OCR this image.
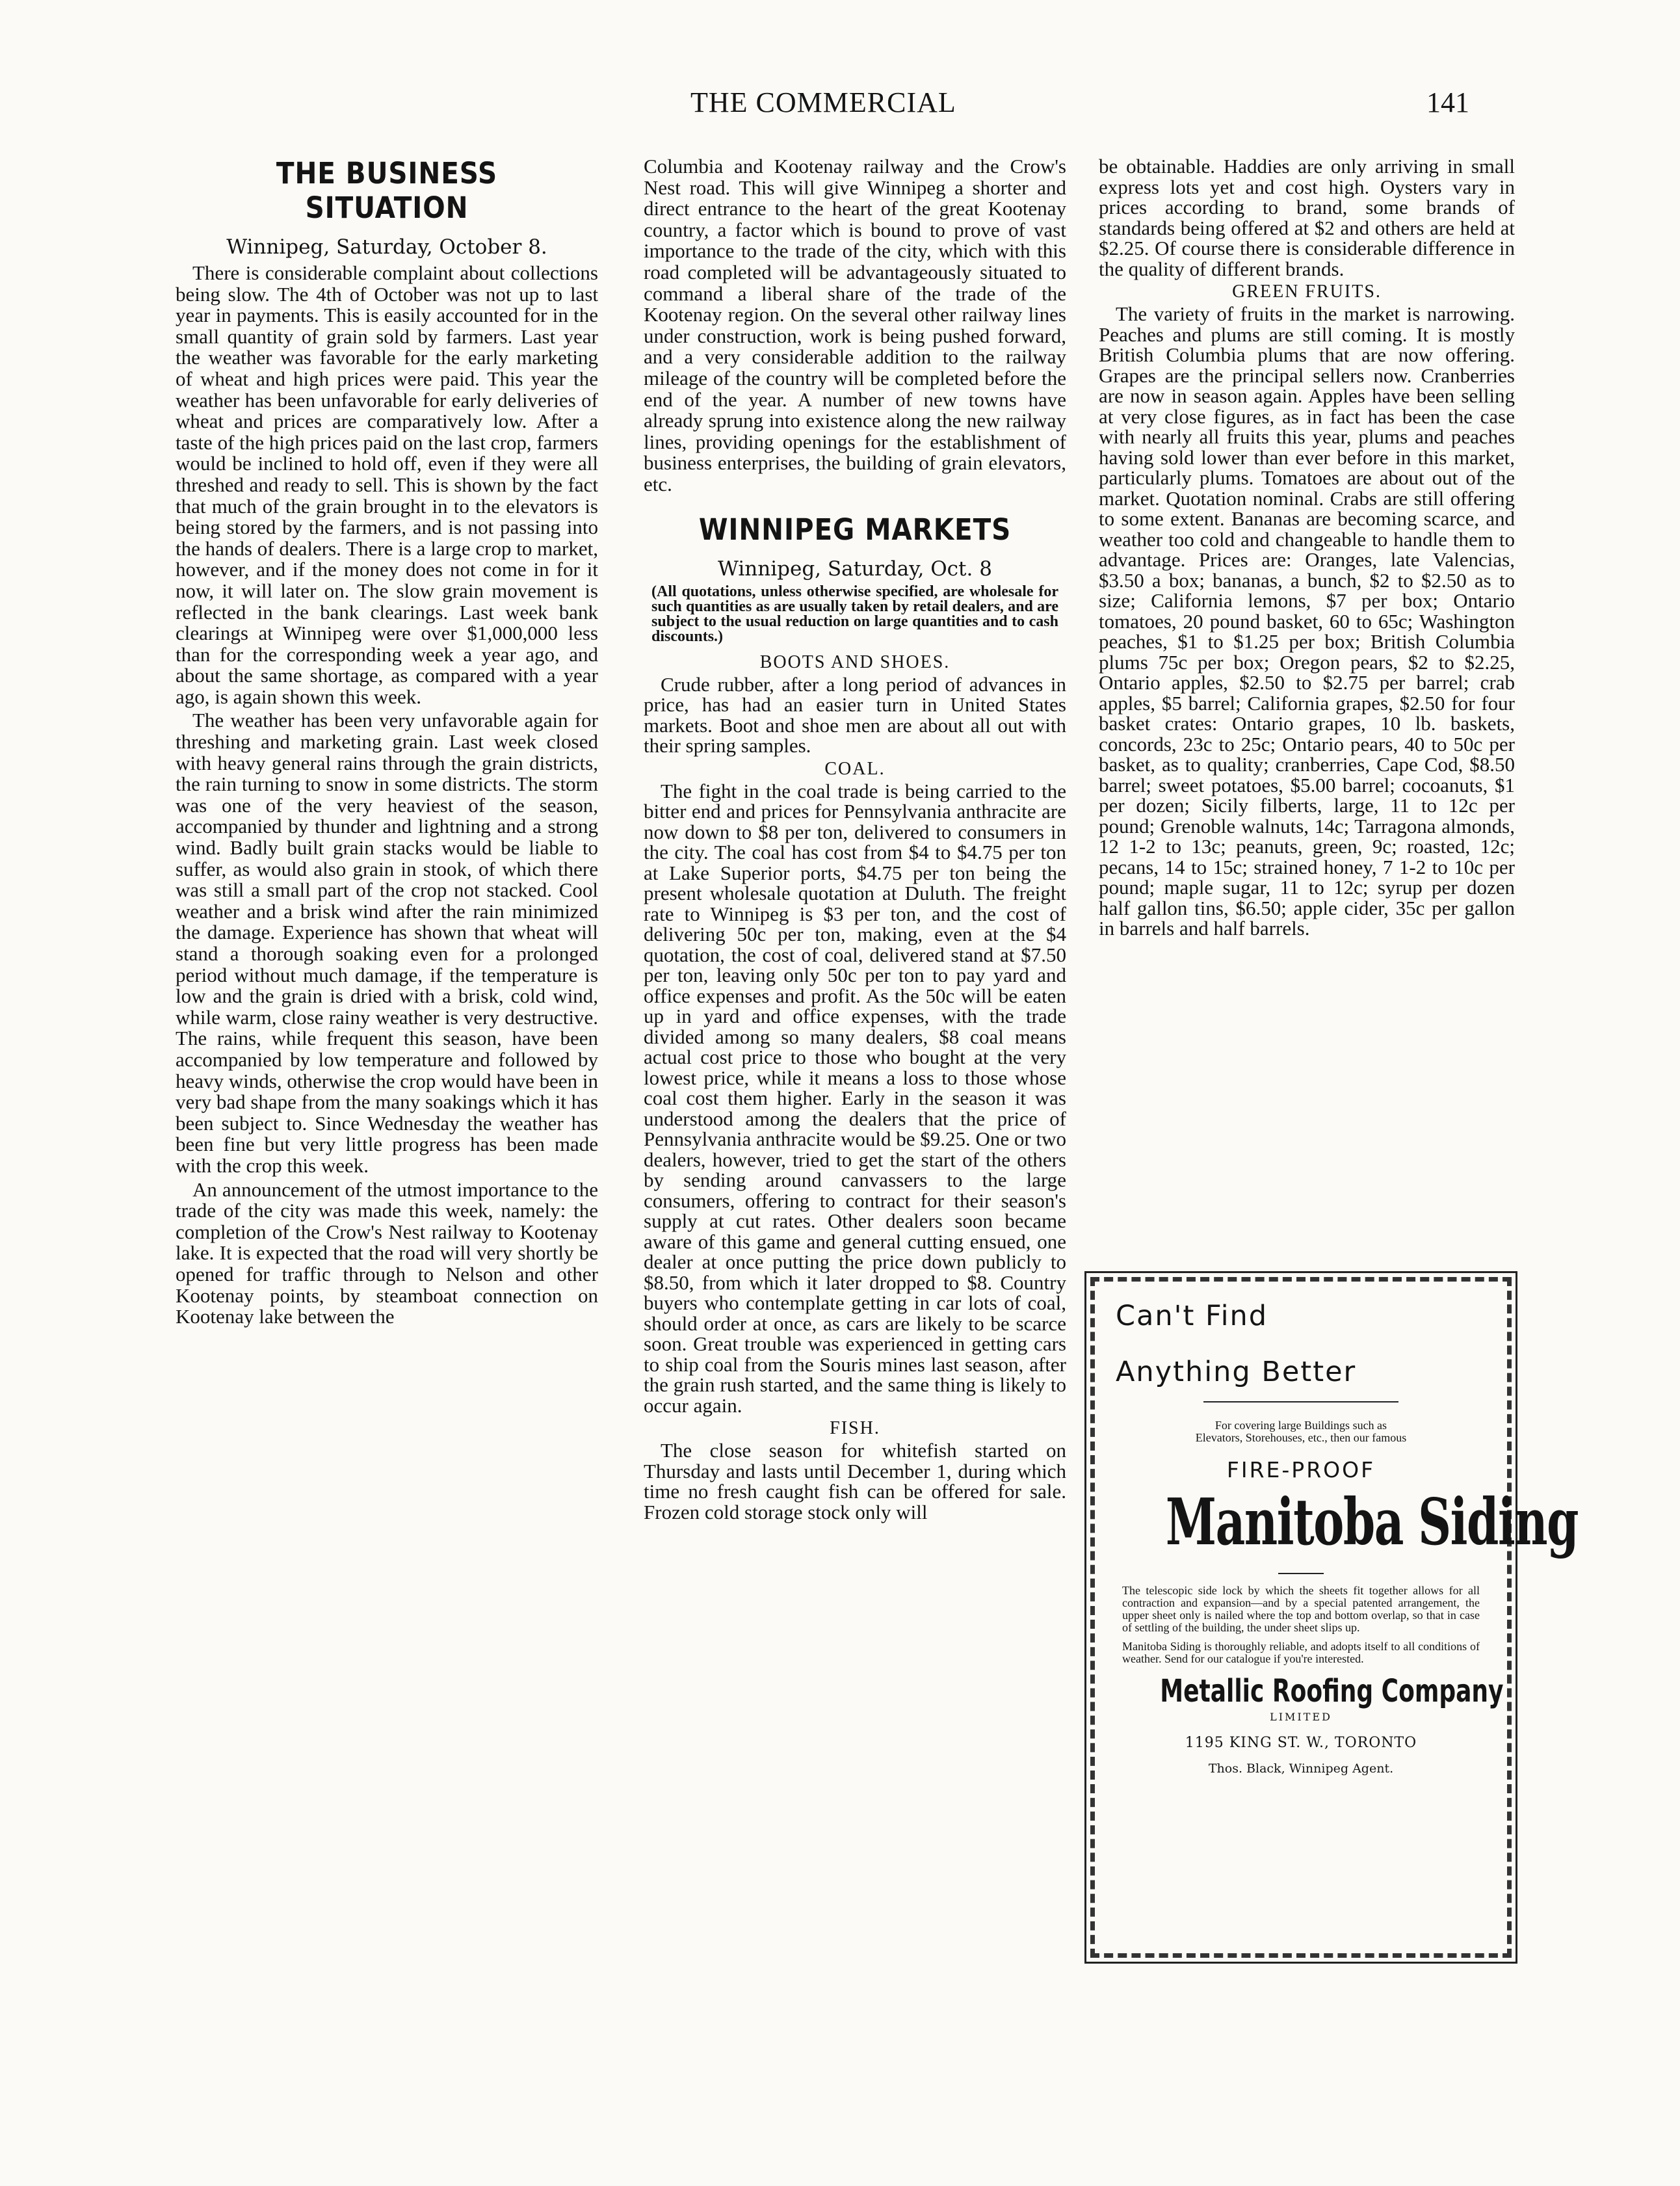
THE COMMERCIAL	141
THE BUSINESS SITUATION
Winnipeg, Saturday, October 8.

There is considerable complaint about collections being slow. The 4th of October was not up to last year in payments. This is easily accounted for in the small quantity of grain sold by farmers. Last year the weather was favorable for the early marketing of wheat and high prices were paid. This year the weather has been unfavorable for early deliveries of wheat and prices are comparatively low. After a taste of the high prices paid on the last crop, farmers would be inclined to hold off, even if they were all threshed and ready to sell. This is shown by the fact that much of the grain brought in to the elevators is being stored by the farmers, and is not passing into the hands of dealers. There is a large crop to market, however, and if the money does not come in for it now, it will later on. The slow grain movement is reflected in the bank clearings. Last week bank clearings at Winnipeg were over $1,000,000 less than for the corresponding week a year ago, and about the same shortage, as compared with a year ago, is again shown this week.

The weather has been very unfavorable again for threshing and marketing grain. Last week closed with heavy general rains through the grain districts, the rain turning to snow in some districts. The storm was one of the very heaviest of the season, accompanied by thunder and lightning and a strong wind. Badly built grain stacks would be liable to suffer, as would also grain in stook, of which there was still a small part of the crop not stacked. Cool weather and a brisk wind after the rain minimized the damage. Experience has shown that wheat will stand a thorough soaking even for a prolonged period without much damage, if the temperature is low and the grain is dried with a brisk, cold wind, while warm, close rainy weather is very destructive. The rains, while frequent this season, have been accompanied by low temperature and followed by heavy winds, otherwise the crop would have been in very bad shape from the many soakings which it has been subject to. Since Wednesday the weather has been fine but very little progress has been made with the crop this week.

An announcement of the utmost importance to the trade of the city was made this week, namely: the completion of the Crow's Nest railway to Kootenay lake. It is expected that the road will very shortly be opened for traffic through to Nelson and other Kootenay points, by steamboat connection on Kootenay lake between the

Columbia and Kootenay railway and the Crow's Nest road. This will give Winnipeg a shorter and direct entrance to the heart of the great Kootenay country, a factor which is bound to prove of vast importance to the trade of the city, which with this road completed will be advantageously situated to command a liberal share of the trade of the Kootenay region. On the several other railway lines under construction, work is being pushed forward, and a very considerable addition to the railway mileage of the country will be completed before the end of the year. A number of new towns have already sprung into existence along the new railway lines, providing openings for the establishment of business enterprises, the building of grain elevators, etc.

WINNIPEG MARKETS
Winnipeg, Saturday, Oct. 8

(All quotations, unless otherwise specified, are wholesale for such quantities as are usually taken by retail dealers, and are subject to the usual reduction on large quantities and to cash discounts.)

BOOTS AND SHOES.

Crude rubber, after a long period of advances in price, has had an easier turn in United States markets. Boot and shoe men are about all out with their spring samples.

COAL.

The fight in the coal trade is being carried to the bitter end and prices for Pennsylvania anthracite are now down to $8 per ton, delivered to consumers in the city. The coal has cost from $4 to $4.75 per ton at Lake Superior ports, $4.75 per ton being the present wholesale quotation at Duluth. The freight rate to Winnipeg is $3 per ton, and the cost of delivering 50c per ton, making, even at the $4 quotation, the cost of coal, delivered stand at $7.50 per ton, leaving only 50c per ton to pay yard and office expenses and profit. As the 50c will be eaten up in yard and office expenses, with the trade divided among so many dealers, $8 coal means actual cost price to those who bought at the very lowest price, while it means a loss to those whose coal cost them higher. Early in the season it was understood among the dealers that the price of Pennsylvania anthracite would be $9.25. One or two dealers, however, tried to get the start of the others by sending around canvassers to the large consumers, offering to contract for their season's supply at cut rates. Other dealers soon became aware of this game and general cutting ensued, one dealer at once putting the price down publicly to $8.50, from which it later dropped to $8. Country buyers who contemplate getting in car lots of coal, should order at once, as cars are likely to be scarce soon. Great trouble was experienced in getting cars to ship coal from the Souris mines last season, after the grain rush started, and the same thing is likely to occur again.

FISH.

The close season for whitefish started on Thursday and lasts until December 1, during which time no fresh caught fish can be offered for sale. Frozen cold storage stock only will

be obtainable. Haddies are only arriving in small express lots yet and cost high. Oysters vary in prices according to brand, some brands of standards being offered at $2 and others are held at $2.25. Of course there is considerable difference in the quality of different brands.

GREEN FRUITS.

The variety of fruits in the market is narrowing. Peaches and plums are still coming. It is mostly British Columbia plums that are now offering. Grapes are the principal sellers now. Cranberries are now in season again. Apples have been selling at very close figures, as in fact has been the case with nearly all fruits this year, plums and peaches having sold lower than ever before in this market, particularly plums. Tomatoes are about out of the market. Quotation nominal. Crabs are still offering to some extent. Bananas are becoming scarce, and weather too cold and changeable to handle them to advantage. Prices are: Oranges, late Valencias, $3.50 a box; bananas, a bunch, $2 to $2.50 as to size; California lemons, $7 per box; Ontario tomatoes, 20 pound basket, 60 to 65c; Washington peaches, $1 to $1.25 per box; British Columbia plums 75c per box; Oregon pears, $2 to $2.25, Ontario apples, $2.50 to $2.75 per barrel; crab apples, $5 barrel; California grapes, $2.50 for four basket crates: Ontario grapes, 10 lb. baskets, concords, 23c to 25c; Ontario pears, 40 to 50c per basket, as to quality; cranberries, Cape Cod, $8.50 barrel; sweet potatoes, $5.00 barrel; cocoanuts, $1 per dozen; Sicily filberts, large, 11 to 12c per pound; Grenoble walnuts, 14c; Tarragona almonds, 12 1-2 to 13c; peanuts, green, 9c; roasted, 12c; pecans, 14 to 15c; strained honey, 7 1-2 to 10c per pound; maple sugar, 11 to 12c; syrup per dozen half gallon tins, $6.50; apple cider, 35c per gallon in barrels and half barrels.

Can't Find
Anything Better
For covering large Buildings such as Elevators, Storehouses, etc., then our famous
FIRE-PROOF
Manitoba Siding
The telescopic side lock by which the sheets fit together allows for all contraction and expansion—and by a special patented arrangement, the upper sheet only is nailed where the top and bottom overlap, so that in case of settling of the building, the under sheet slips up.
Manitoba Siding is thoroughly reliable, and adopts itself to all conditions of weather. Send for our catalogue if you're interested.
Metallic Roofing Company
LIMITED
1195 KING ST. W., TORONTO
Thos. Black, Winnipeg Agent.
